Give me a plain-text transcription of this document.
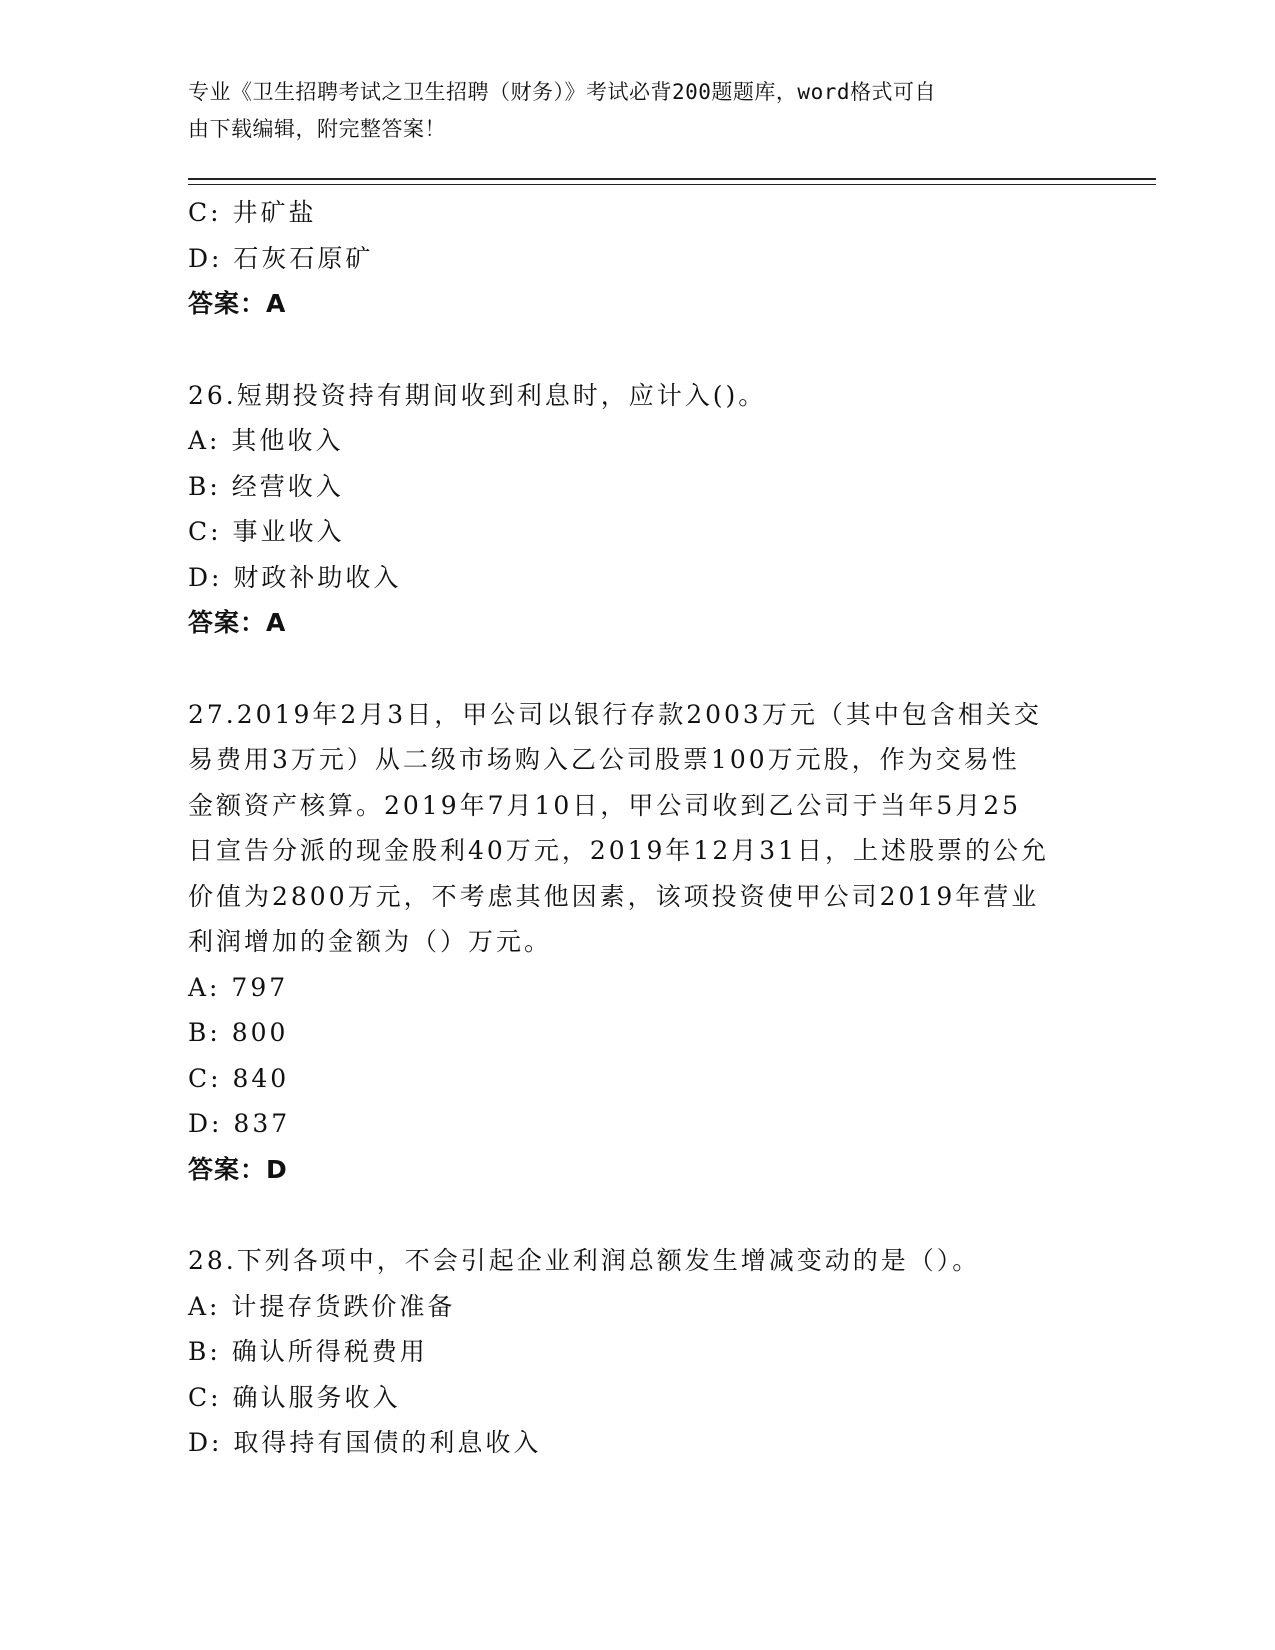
专业《卫生招聘考试之卫生招聘（财务）》考试必背200题题库，word格式可自
由下载编辑，附完整答案！
C: 井矿盐
D: 石灰石原矿
答案：A
26.短期投资持有期间收到利息时，应计入()。
A: 其他收入
B: 经营收入
C: 事业收入
D: 财政补助收入
答案：A
27.2019年2月3日，甲公司以银行存款2003万元（其中包含相关交
易费用3万元）从二级市场购入乙公司股票100万元股，作为交易性
金额资产核算。2019年7月10日，甲公司收到乙公司于当年5月25
日宣告分派的现金股利40万元，2019年12月31日，上述股票的公允
价值为2800万元，不考虑其他因素，该项投资使甲公司2019年营业
利润增加的金额为（）万元。
A: 797
B: 800
C: 840
D: 837
答案：D
28.下列各项中，不会引起企业利润总额发生增减变动的是（）。
A: 计提存货跌价准备
B: 确认所得税费用
C: 确认服务收入
D: 取得持有国债的利息收入
